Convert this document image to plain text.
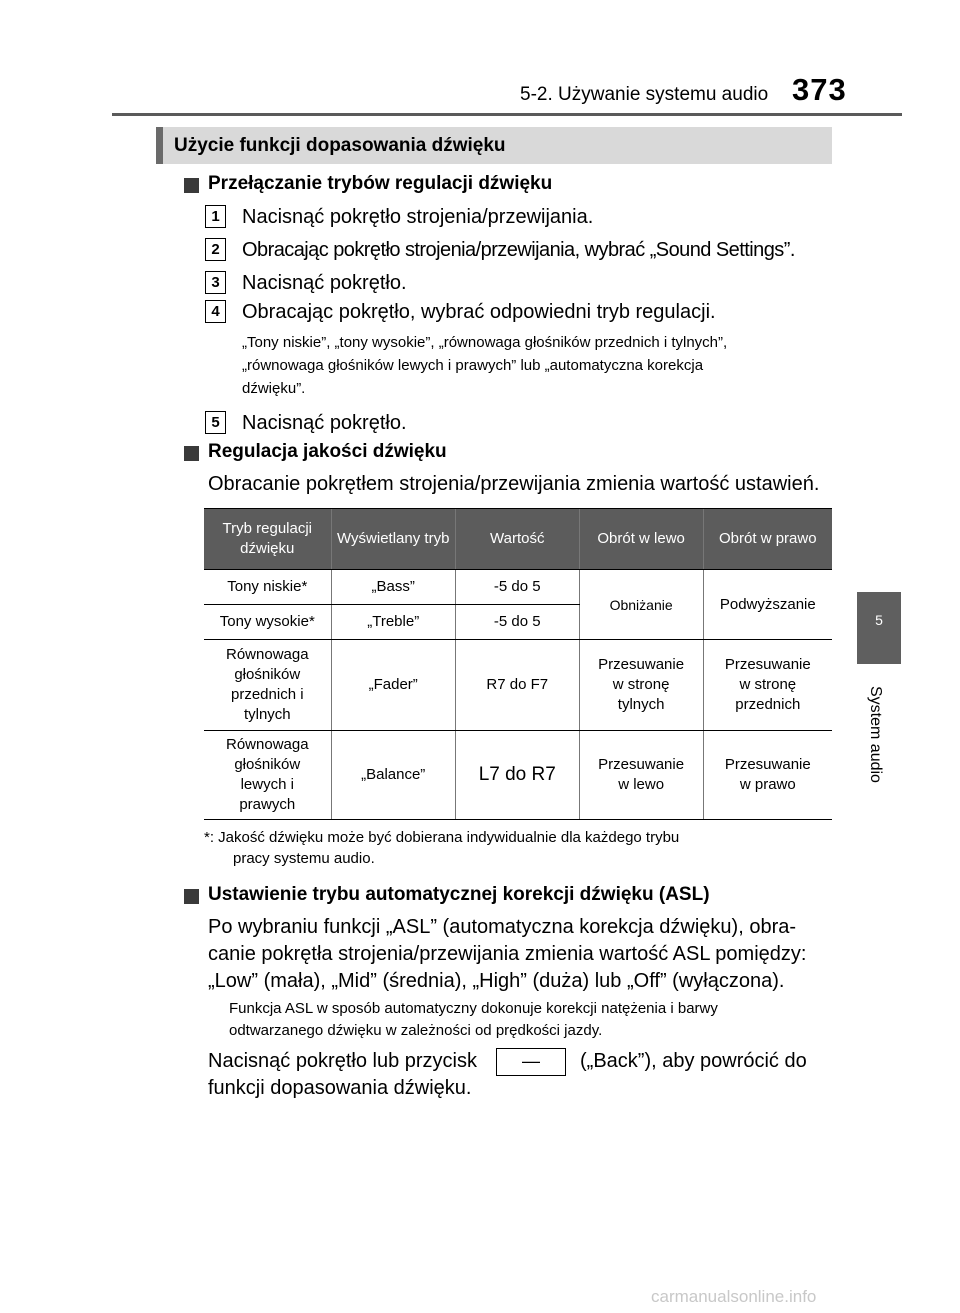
5-2. Używanie systemu audio 373
5
System audio
Użycie funkcji dopasowania dźwięku
Przełączanie trybów regulacji dźwięku
1	Nacisnąć pokrętło strojenia/przewijania.
2	Obracając pokrętło strojenia/przewijania, wybrać „Sound Settings”.
3	Nacisnąć pokrętło.
4	Obracając pokrętło, wybrać odpowiedni tryb regulacji.
„Tony niskie”, „tony wysokie”, „równowaga głośników przednich i tylnych”,
„równowaga głośników lewych i prawych” lub „automatyczna korekcja
dźwięku”.
5	Nacisnąć pokrętło.
Regulacja jakości dźwięku
Obracanie pokrętłem strojenia/przewijania zmienia wartość ustawień.
Tryb regulacji dźwięku	Wyświetlany tryb	Wartość	Obrót w lewo	Obrót w prawo
Tony niskie*	„Bass”	-5 do 5	Obniżanie	Podwyższanie
Tony wysokie*	„Treble”	-5 do 5		
Równowaga głośników przednich i tylnych	„Fader”	R7 do F7	Przesuwanie w stronę tylnych	Przesuwanie w stronę przednich
Równowaga głośników lewych i prawych	„Balance”	L7 do R7	Przesuwanie w lewo	Przesuwanie w prawo
*: Jakość dźwięku może być dobierana indywidualnie dla każdego trybu
pracy systemu audio.
Ustawienie trybu automatycznej korekcji dźwięku (ASL)
Po wybraniu funkcji „ASL” (automatyczna korekcja dźwięku), obra-
canie pokrętła strojenia/przewijania zmienia wartość ASL pomiędzy:
„Low” (mała), „Mid” (średnia), „High” (duża) lub „Off” (wyłączona).
Funkcja ASL w sposób automatyczny dokonuje korekcji natężenia i barwy
odtwarzanego dźwięku w zależności od prędkości jazdy.
Nacisnąć pokrętło lub przycisk	—	(„Back”), aby powrócić do
funkcji dopasowania dźwięku.
carmanualsonline.info
